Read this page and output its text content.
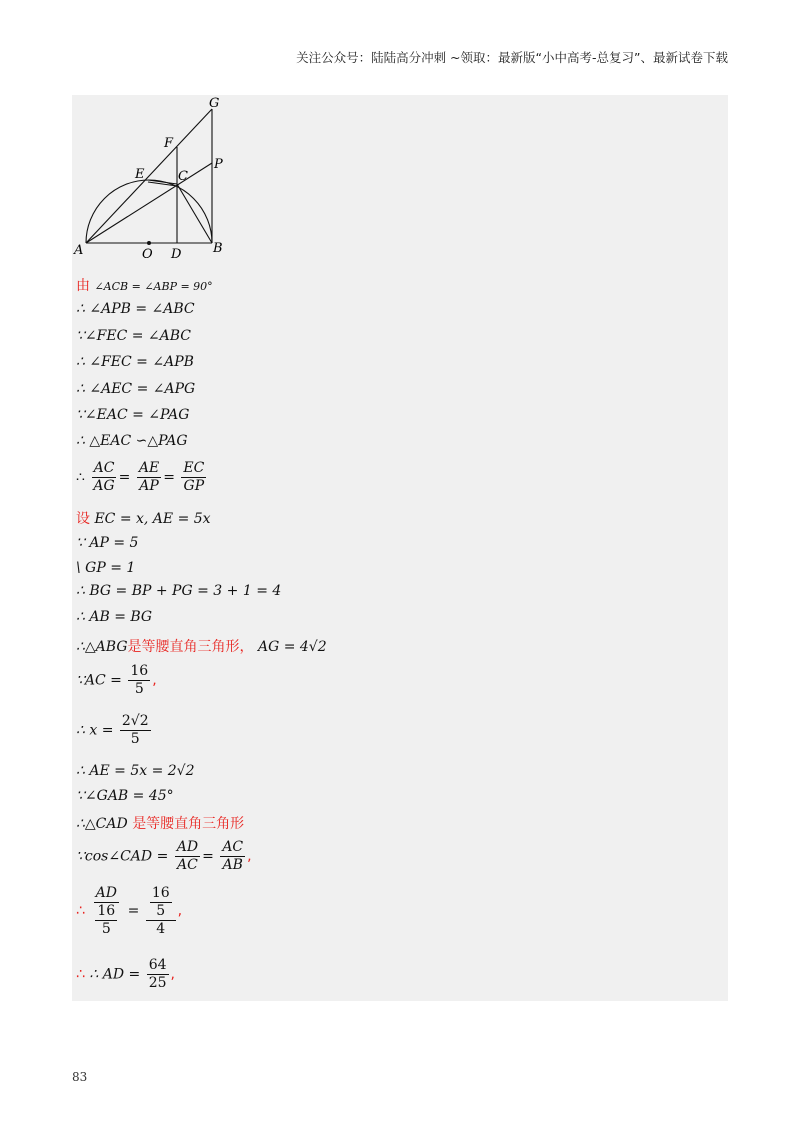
关注公众号：陆陆高分冲刺 ~领取：最新版“小中高考-总复习”、最新试卷下载
G
F
P
E	C
A	O D B
由 ∠ACB = ∠ABP = 90°
∴ ∠APB = ∠ABC
∵∠FEC = ∠ABC
∴ ∠FEC = ∠APB
∴ ∠AEC = ∠APG
∵∠EAC = ∠PAG
∴ △EAC ∽△PAG
∴ $\frac{AC}{AG} = \frac{AE}{AP} = \frac{EC}{GP}$
设 EC = x, AE = 5x
∵ AP = 5
\ GP = 1
∴ BG = BP + PG = 3 + 1 = 4
∴ AB = BG
∴△ABG是等腰直角三角形， AG = 4√2
∵AC = $\frac{16}{5}$ ,
∴ $x = \frac{2√2}{5}$
∴ AE = 5x = 2√2
∵∠GAB = 45°
∴△CAD 是等腰直角三角形
∵cos∠CAD = $\frac{AD}{AC} = \frac{AC}{AB}$ ,
∴ $\frac{AD}{\frac{16}{5}} = \frac{\frac{16}{5}}{4}$ ,
∴ ∴ AD = $\frac{64}{25}$ ,
83
